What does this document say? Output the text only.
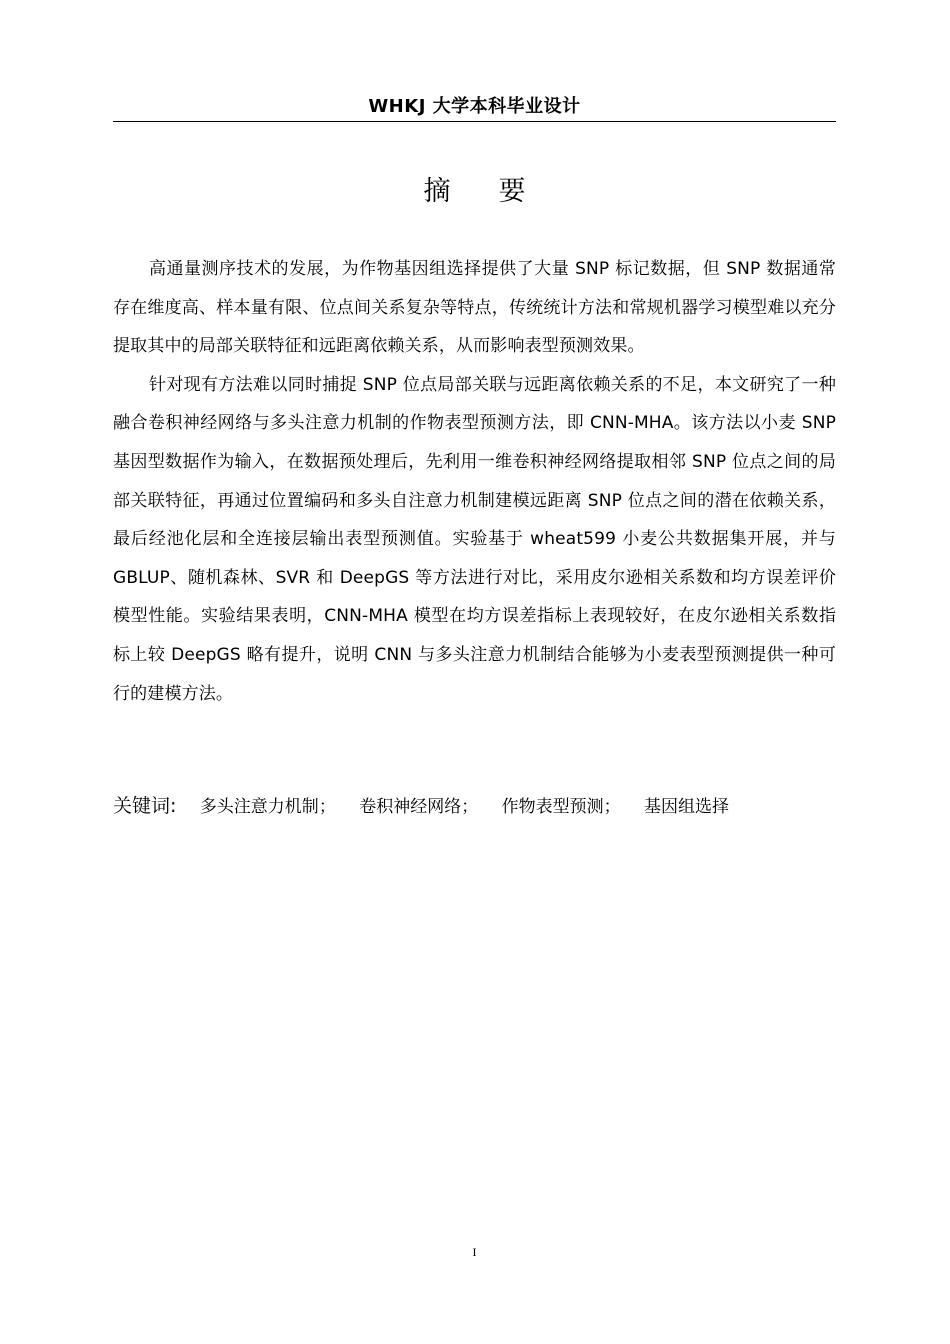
WHKJ 大学本科毕业设计
摘要

高通量测序技术的发展，为作物基因组选择提供了大量 SNP 标记数据，但 SNP 数据通常存在维度高、样本量有限、位点间关系复杂等特点，传统统计方法和常规机器学习模型难以充分提取其中的局部关联特征和远距离依赖关系，从而影响表型预测效果。

针对现有方法难以同时捕捉 SNP 位点局部关联与远距离依赖关系的不足，本文研究了一种融合卷积神经网络与多头注意力机制的作物表型预测方法，即 CNN-MHA。该方法以小麦 SNP 基因型数据作为输入，在数据预处理后，先利用一维卷积神经网络提取相邻 SNP 位点之间的局部关联特征，再通过位置编码和多头自注意力机制建模远距离 SNP 位点之间的潜在依赖关系，最后经池化层和全连接层输出表型预测值。实验基于 wheat599 小麦公共数据集开展，并与 GBLUP、随机森林、SVR 和 DeepGS 等方法进行对比，采用皮尔逊相关系数和均方误差评价模型性能。实验结果表明，CNN-MHA 模型在均方误差指标上表现较好，在皮尔逊相关系数指标上较 DeepGS 略有提升，说明 CNN 与多头注意力机制结合能够为小麦表型预测提供一种可行的建模方法。

关键词: 多头注意力机制； 卷积神经网络； 作物表型预测； 基因组选择
I
